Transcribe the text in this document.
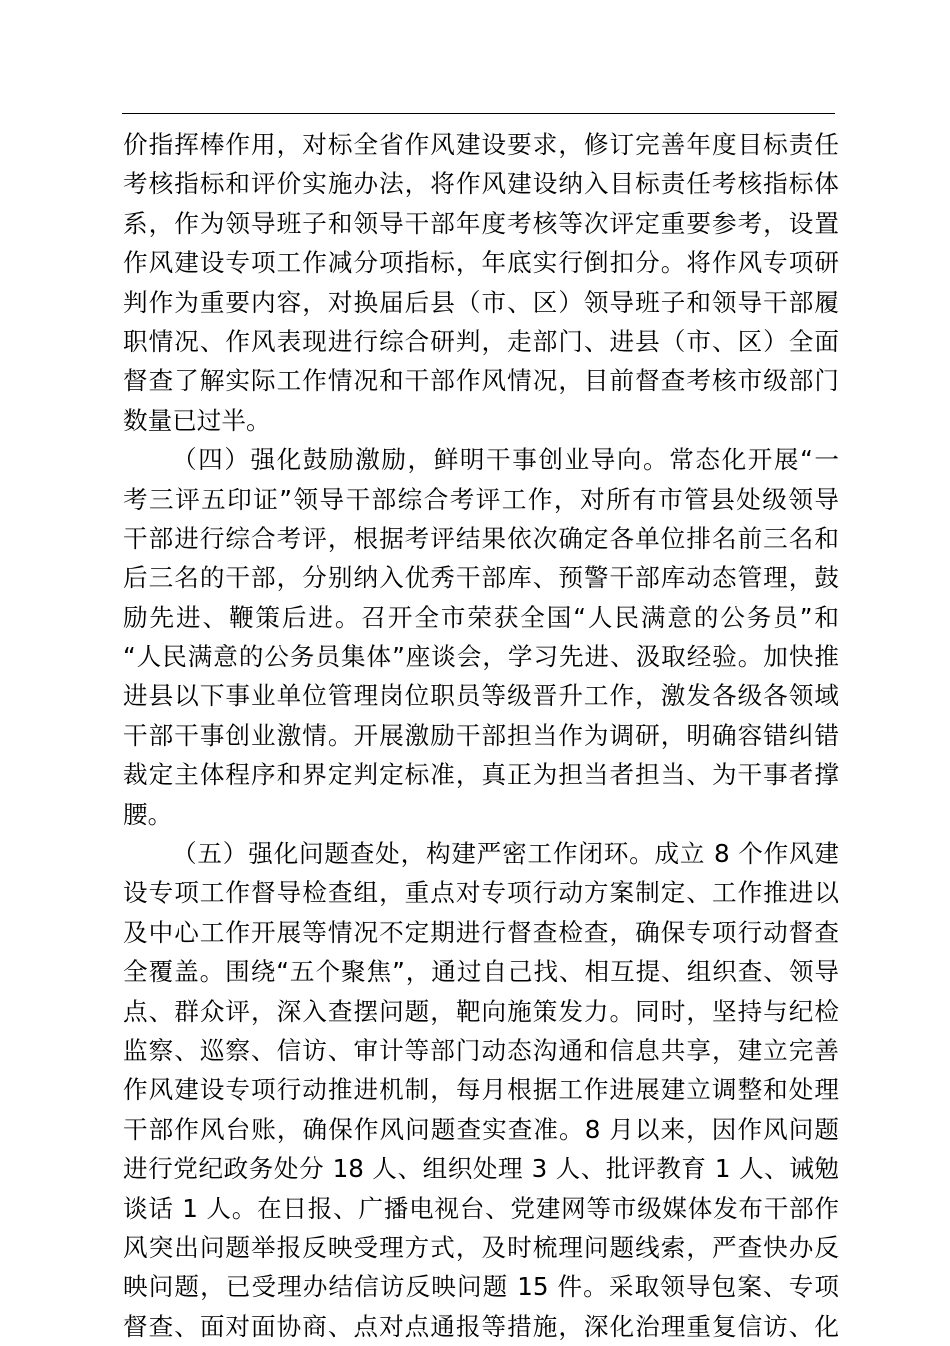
价指挥棒作用，对标全省作风建设要求，修订完善年度目标责任
考核指标和评价实施办法，将作风建设纳入目标责任考核指标体
系，作为领导班子和领导干部年度考核等次评定重要参考，设置
作风建设专项工作减分项指标，年底实行倒扣分。将作风专项研
判作为重要内容，对换届后县（市、区）领导班子和领导干部履
职情况、作风表现进行综合研判，走部门、进县（市、区）全面
督查了解实际工作情况和干部作风情况，目前督查考核市级部门
数量已过半。
（四）强化鼓励激励，鲜明干事创业导向。常态化开展“一
考三评五印证”领导干部综合考评工作，对所有市管县处级领导
干部进行综合考评，根据考评结果依次确定各单位排名前三名和
后三名的干部，分别纳入优秀干部库、预警干部库动态管理，鼓
励先进、鞭策后进。召开全市荣获全国“人民满意的公务员”和
“人民满意的公务员集体”座谈会，学习先进、汲取经验。加快推
进县以下事业单位管理岗位职员等级晋升工作，激发各级各领域
干部干事创业激情。开展激励干部担当作为调研，明确容错纠错
裁定主体程序和界定判定标准，真正为担当者担当、为干事者撑
腰。
（五）强化问题查处，构建严密工作闭环。成立 8 个作风建
设专项工作督导检查组，重点对专项行动方案制定、工作推进以
及中心工作开展等情况不定期进行督查检查，确保专项行动督查
全覆盖。围绕“五个聚焦”，通过自己找、相互提、组织查、领导
点、群众评，深入查摆问题，靶向施策发力。同时，坚持与纪检
监察、巡察、信访、审计等部门动态沟通和信息共享，建立完善
作风建设专项行动推进机制，每月根据工作进展建立调整和处理
干部作风台账，确保作风问题查实查准。8 月以来，因作风问题
进行党纪政务处分 18 人、组织处理 3 人、批评教育 1 人、诫勉
谈话 1 人。在日报、广播电视台、党建网等市级媒体发布干部作
风突出问题举报反映受理方式，及时梳理问题线索，严查快办反
映问题，已受理办结信访反映问题 15 件。采取领导包案、专项
督查、面对面协商、点对点通报等措施，深化治理重复信访、化
